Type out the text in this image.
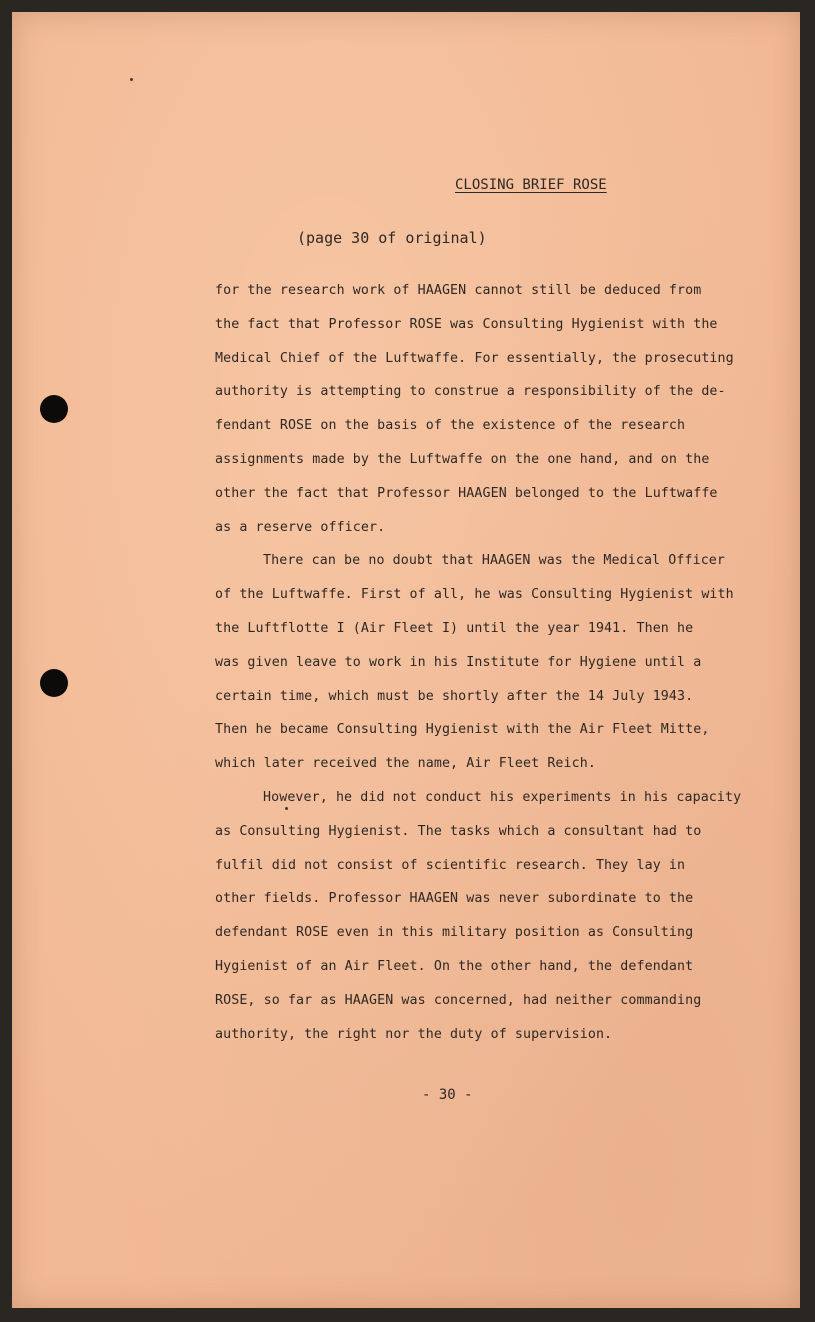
CLOSING BRIEF ROSE
(page 30 of original)
for the research work of HAAGEN cannot still be deduced from
the fact that Professor ROSE was Consulting Hygienist with the
Medical Chief of the Luftwaffe. For essentially, the prosecuting
authority is attempting to construe a responsibility of the de-
fendant ROSE on the basis of the existence of the research
assignments made by the Luftwaffe on the one hand, and on the
other the fact that Professor HAAGEN belonged to the Luftwaffe
as a reserve officer.
There can be no doubt that HAAGEN was the Medical Officer
of the Luftwaffe. First of all, he was Consulting Hygienist with
the Luftflotte I (Air Fleet I) until the year 1941. Then he
was given leave to work in his Institute for Hygiene until a
certain time, which must be shortly after the 14 July 1943.
Then he became Consulting Hygienist with the Air Fleet Mitte,
which later received the name, Air Fleet Reich.
However, he did not conduct his experiments in his capacity
as Consulting Hygienist. The tasks which a consultant had to
fulfil did not consist of scientific research. They lay in
other fields. Professor HAAGEN was never subordinate to the
defendant ROSE even in this military position as Consulting
Hygienist of an Air Fleet. On the other hand, the defendant
ROSE, so far as HAAGEN was concerned, had neither commanding
authority, the right nor the duty of supervision.
- 30 -
